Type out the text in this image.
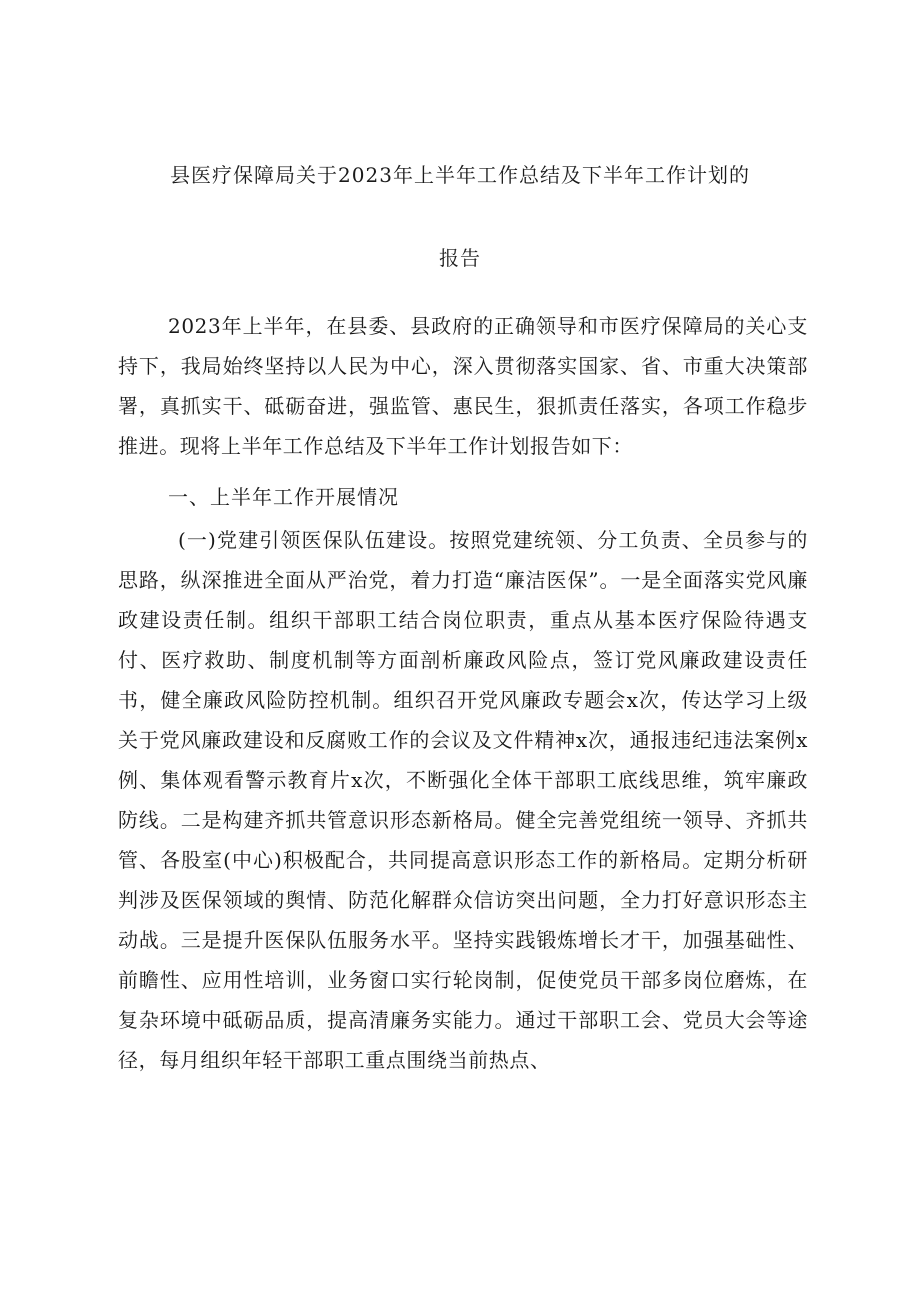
县医疗保障局关于2023年上半年工作总结及下半年工作计划的
报告
2023年上半年，在县委、县政府的正确领导和市医疗保障局的关心支持下，我局始终坚持以人民为中心，深入贯彻落实国家、省、市重大决策部署，真抓实干、砥砺奋进，强监管、惠民生，狠抓责任落实，各项工作稳步推进。现将上半年工作总结及下半年工作计划报告如下：
一、上半年工作开展情况
(一)党建引领医保队伍建设。按照党建统领、分工负责、全员参与的思路，纵深推进全面从严治党，着力打造“廉洁医保”。一是全面落实党风廉政建设责任制。组织干部职工结合岗位职责，重点从基本医疗保险待遇支付、医疗救助、制度机制等方面剖析廉政风险点，签订党风廉政建设责任书，健全廉政风险防控机制。组织召开党风廉政专题会x次，传达学习上级关于党风廉政建设和反腐败工作的会议及文件精神x次，通报违纪违法案例x例、集体观看警示教育片x次，不断强化全体干部职工底线思维，筑牢廉政防线。二是构建齐抓共管意识形态新格局。健全完善党组统一领导、齐抓共管、各股室(中心)积极配合，共同提高意识形态工作的新格局。定期分析研判涉及医保领域的舆情、防范化解群众信访突出问题，全力打好意识形态主动战。三是提升医保队伍服务水平。坚持实践锻炼增长才干，加强基础性、前瞻性、应用性培训，业务窗口实行轮岗制，促使党员干部多岗位磨炼，在复杂环境中砥砺品质，提高清廉务实能力。通过干部职工会、党员大会等途径，每月组织年轻干部职工重点围绕当前热点、
